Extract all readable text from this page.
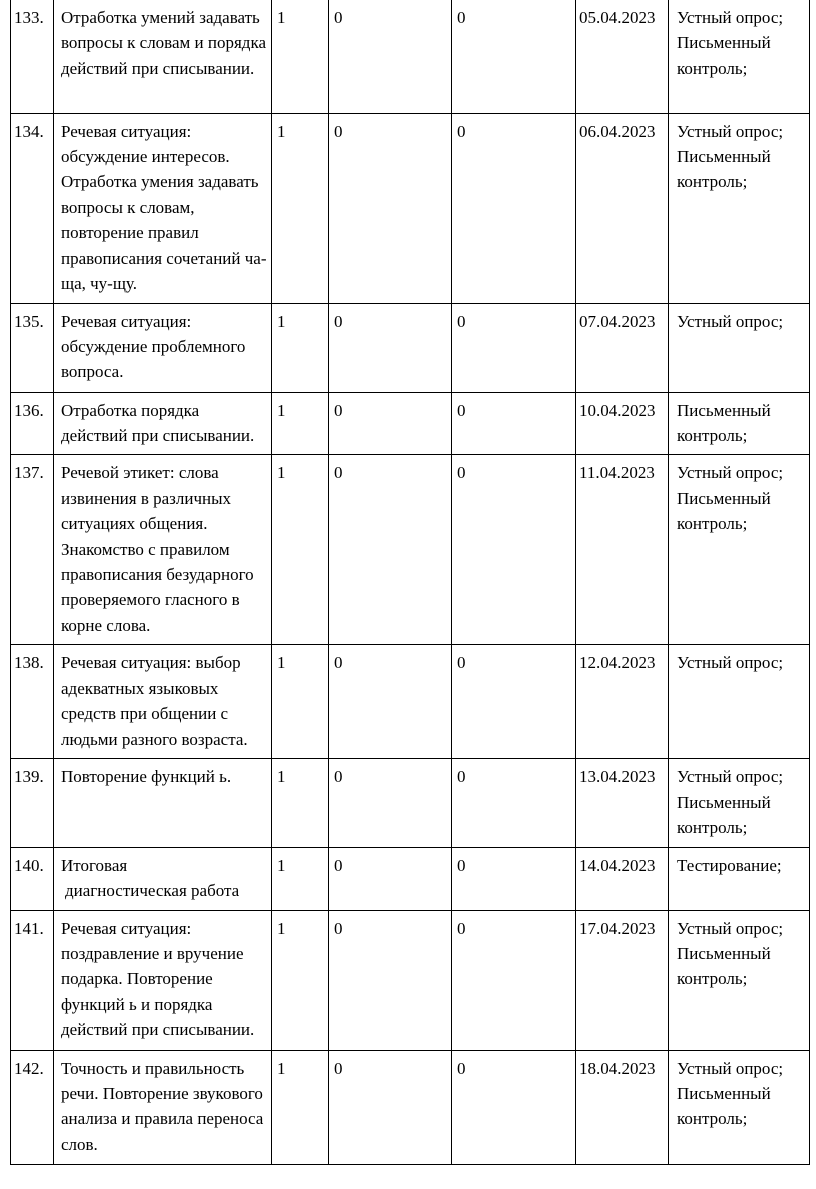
133.	Отработка умений задавать вопросы к словам и порядка действий при списывании.	1	0	0	05.04.2023	Устный опрос;
Письменный контроль;

134.	Речевая ситуация: обсуждение интересов. Отработка умения задавать вопросы к словам, повторение правил правописания сочетаний ча-ща, чу-щу.	1	0	0	06.04.2023	Устный опрос;
Письменный контроль;

135.	Речевая ситуация: обсуждение проблемного вопроса.	1	0	0	07.04.2023	Устный опрос;

136.	Отработка порядка действий при списывании.	1	0	0	10.04.2023	Письменный контроль;

137.	Речевой этикет: слова извинения в различных ситуациях общения. Знакомство с правилом правописания безударного проверяемого гласного в корне слова.	1	0	0	11.04.2023	Устный опрос;
Письменный контроль;

138.	Речевая ситуация: выбор адекватных языковых средств при общении с людьми разного возраста.	1	0	0	12.04.2023	Устный опрос;

139.	Повторение функций ь.	1	0	0	13.04.2023	Устный опрос;
Письменный контроль;

140.	Итоговая
диагностическая работа	1	0	0	14.04.2023	Тестирование;

141.	Речевая ситуация: поздравление и вручение подарка. Повторение функций ь и порядка действий при списывании.	1	0	0	17.04.2023	Устный опрос;
Письменный контроль;

142.	Точность и правильность речи. Повторение звукового анализа и правила переноса слов.	1	0	0	18.04.2023	Устный опрос;
Письменный контроль;
